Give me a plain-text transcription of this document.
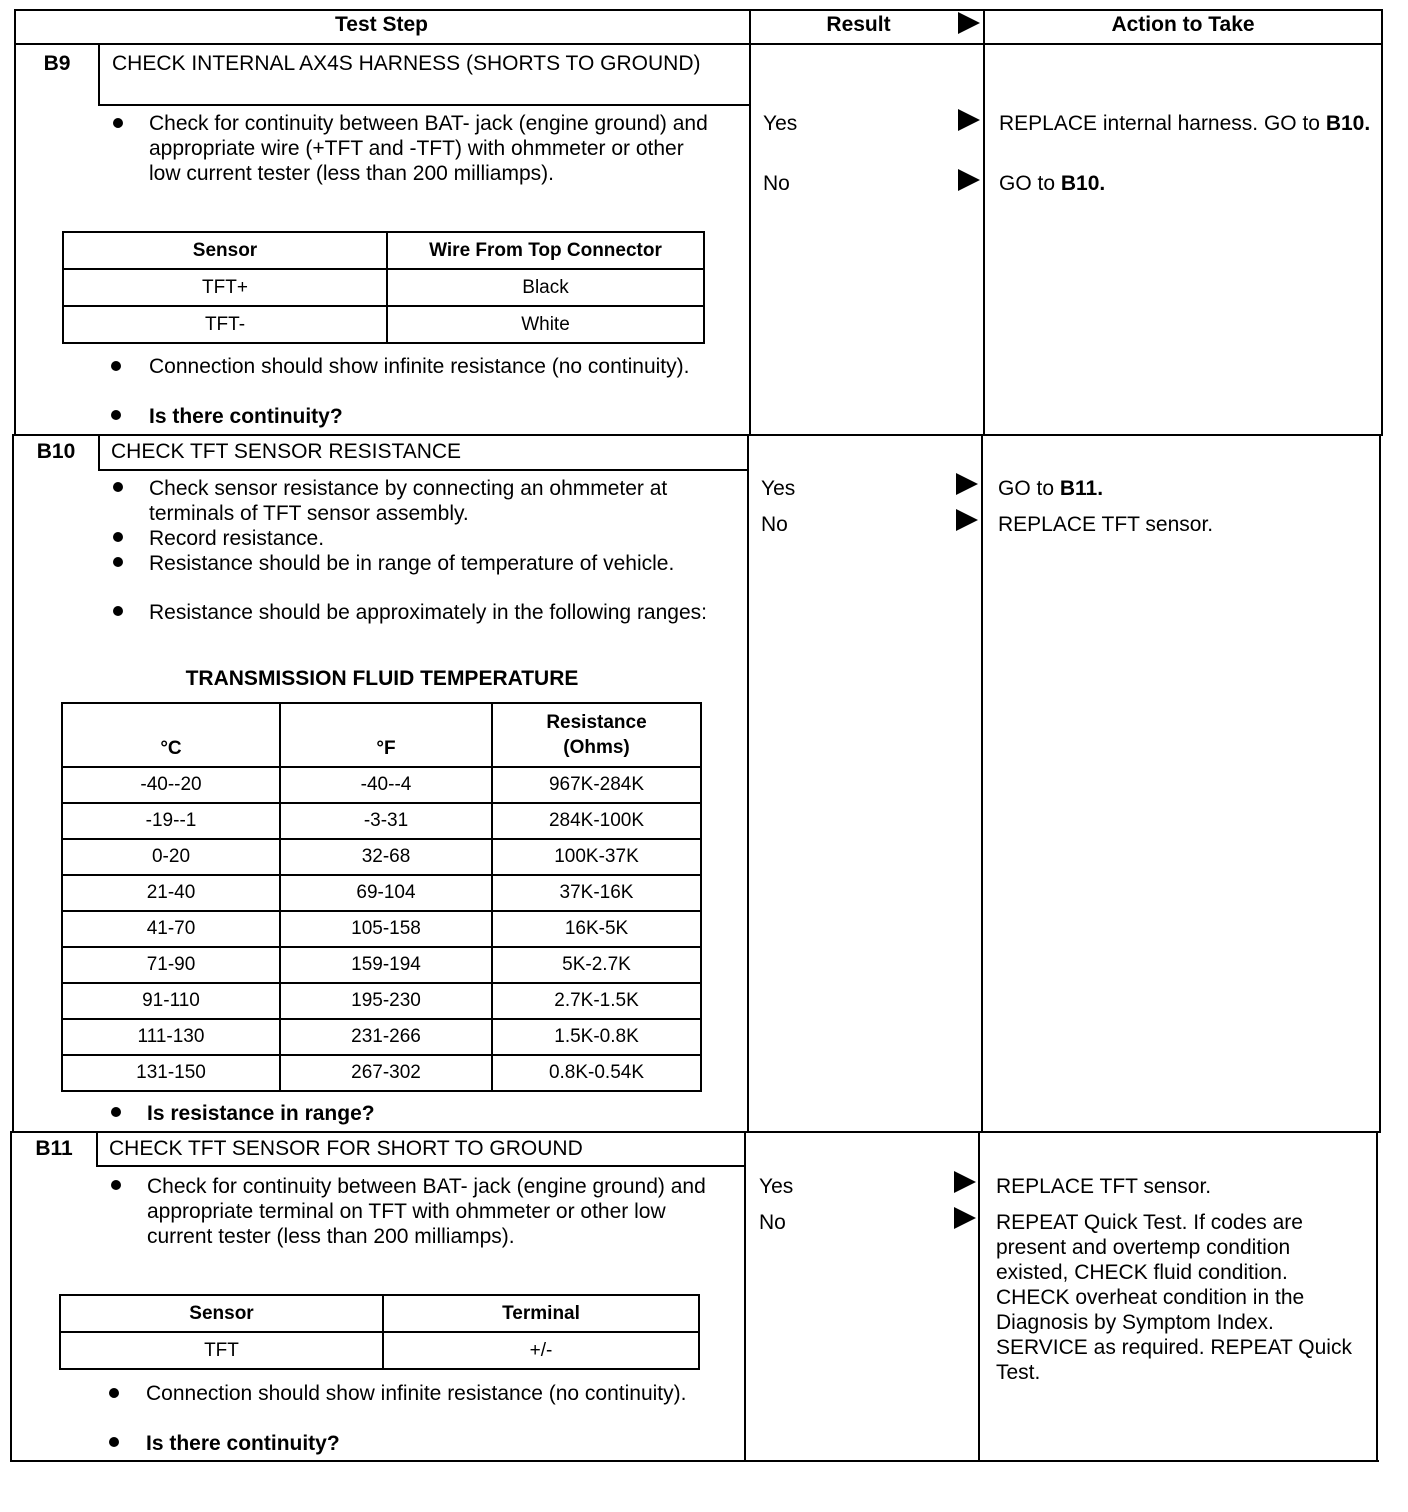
Test Step	Result	Action to Take
B9	CHECK INTERNAL AX4S HARNESS (SHORTS TO GROUND)
Check for continuity between BAT- jack (engine ground) and appropriate wire (+TFT and -TFT) with ohmmeter or other low current tester (less than 200 milliamps).
Sensor	Wire From Top Connector
TFT+	Black
TFT-	White
Connection should show infinite resistance (no continuity).
Is there continuity?
Yes	REPLACE internal harness. GO to B10.
No	GO to B10.
B10	CHECK TFT SENSOR RESISTANCE
Check sensor resistance by connecting an ohmmeter at terminals of TFT sensor assembly.
Record resistance.
Resistance should be in range of temperature of vehicle.
Resistance should be approximately in the following ranges:
TRANSMISSION FLUID TEMPERATURE
°C	°F	Resistance (Ohms)
-40--20	-40--4	967K-284K
-19--1	-3-31	284K-100K
0-20	32-68	100K-37K
21-40	69-104	37K-16K
41-70	105-158	16K-5K
71-90	159-194	5K-2.7K
91-110	195-230	2.7K-1.5K
111-130	231-266	1.5K-0.8K
131-150	267-302	0.8K-0.54K
Is resistance in range?
Yes	GO to B11.
No	REPLACE TFT sensor.
B11	CHECK TFT SENSOR FOR SHORT TO GROUND
Check for continuity between BAT- jack (engine ground) and appropriate terminal on TFT with ohmmeter or other low current tester (less than 200 milliamps).
Sensor	Terminal
TFT	+/-
Connection should show infinite resistance (no continuity).
Is there continuity?
Yes	REPLACE TFT sensor.
No	REPEAT Quick Test. If codes are present and overtemp condition existed, CHECK fluid condition. CHECK overheat condition in the Diagnosis by Symptom Index. SERVICE as required. REPEAT Quick Test.
